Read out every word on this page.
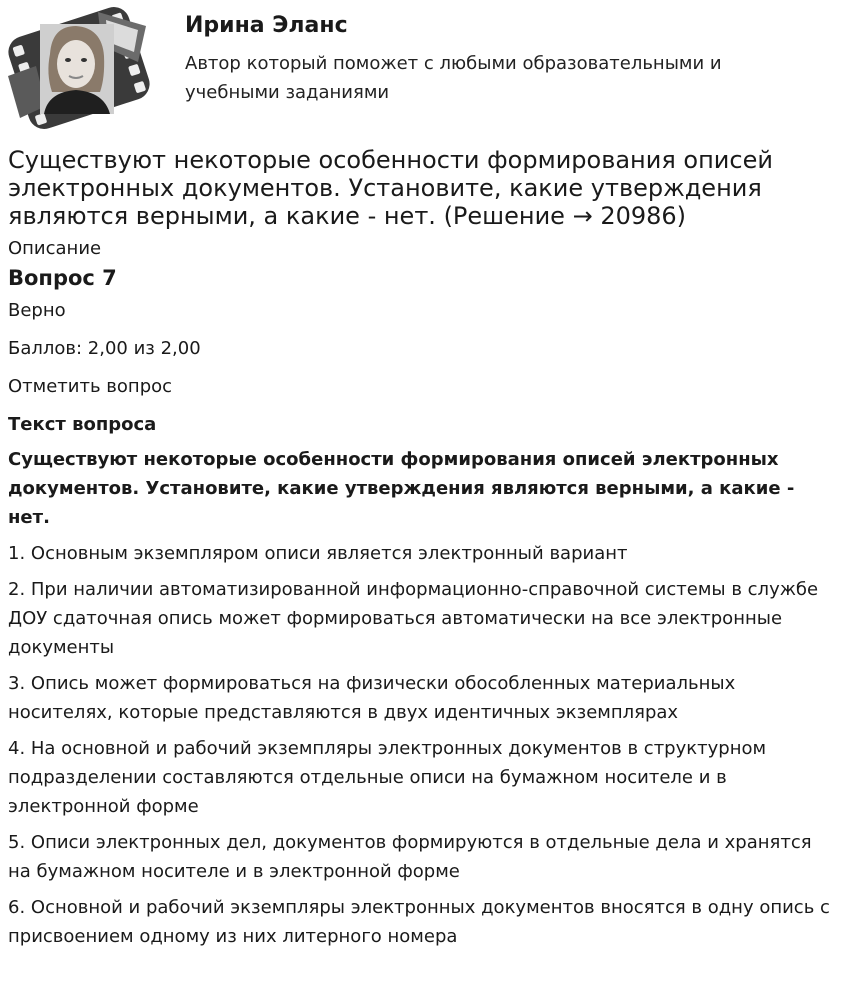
Ирина Эланс

Автор который поможет с любыми образовательными и учебными заданиями

Существуют некоторые особенности формирования описей электронных документов. Установите, какие утверждения являются верными, а какие - нет. (Решение → 20986)
Описание
Вопрос 7
Верно
Баллов: 2,00 из 2,00
Отметить вопрос
Текст вопроса
Существуют некоторые особенности формирования описей электронных документов. Установите, какие утверждения являются верными, а какие - нет.
1. Основным экземпляром описи является электронный вариант
2. При наличии автоматизированной информационно-справочной системы в службе ДОУ сдаточная опись может формироваться автоматически на все электронные документы
3. Опись может формироваться на физически обособленных материальных носителях, которые представляются в двух идентичных экземплярах
4. На основной и рабочий экземпляры электронных документов в структурном подразделении составляются отдельные описи на бумажном носителе и в электронной форме
5. Описи электронных дел, документов формируются в отдельные дела и хранятся на бумажном носителе и в электронной форме
6. Основной и рабочий экземпляры электронных документов вносятся в одну опись с присвоением одному из них литерного номера
